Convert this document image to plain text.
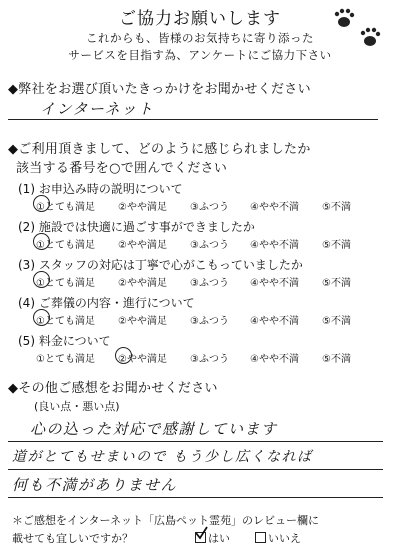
ご協力お願いします
これからも、皆様のお気持ちに寄り添った
サービスを目指す為、アンケートにご協力下さい
◆弊社をお選び頂いたきっかけをお聞かせください
インターネット
◆ご利用頂きまして、どのように感じられましたか
該当する番号を○で囲んでください
(1) お申込み時の説明について
①とても満足 ②やや満足 ③ふつう ④やや不満 ⑤不満
(2) 施設では快適に過ごす事ができましたか
①とても満足 ②やや満足 ③ふつう ④やや不満 ⑤不満
(3) スタッフの対応は丁寧で心がこもっていましたか
①とても満足 ②やや満足 ③ふつう ④やや不満 ⑤不満
(4) ご葬儀の内容・進行について
①とても満足 ②やや満足 ③ふつう ④やや不満 ⑤不満
(5) 料金について
①とても満足 ②やや満足 ③ふつう ④やや不満 ⑤不満
◆その他ご感想をお聞かせください
(良い点・悪い点)
心の込った対応で感謝しています
道がとてもせまいので もう少し広くなれば
何も不満がありません
＊ご感想をインターネット「広島ペット霊苑」のレビュー欄に
載せても宜しいですか？	はい	いいえ
